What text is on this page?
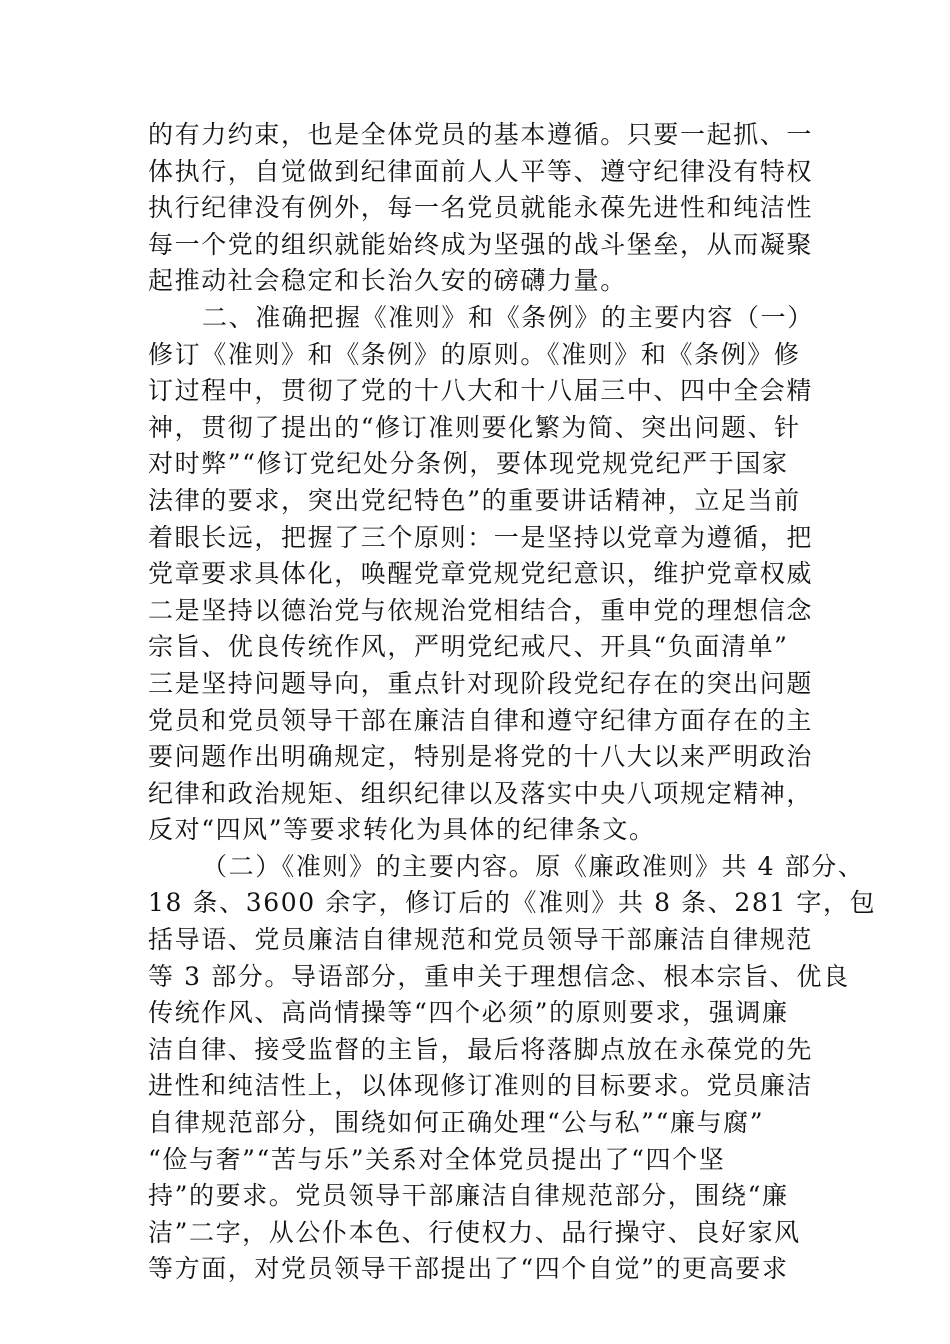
的有力约束，也是全体党员的基本遵循。只要一起抓、一
体执行，自觉做到纪律面前人人平等、遵守纪律没有特权
执行纪律没有例外，每一名党员就能永葆先进性和纯洁性
每一个党的组织就能始终成为坚强的战斗堡垒，从而凝聚
起推动社会稳定和长治久安的磅礴力量。
二、准确把握《准则》和《条例》的主要内容（一）
修订《准则》和《条例》的原则。《准则》和《条例》修
订过程中，贯彻了党的十八大和十八届三中、四中全会精
神，贯彻了提出的“修订准则要化繁为简、突出问题、针
对时弊”“修订党纪处分条例，要体现党规党纪严于国家
法律的要求，突出党纪特色”的重要讲话精神，立足当前
着眼长远，把握了三个原则：一是坚持以党章为遵循，把
党章要求具体化，唤醒党章党规党纪意识，维护党章权威
二是坚持以德治党与依规治党相结合，重申党的理想信念
宗旨、优良传统作风，严明党纪戒尺、开具“负面清单”
三是坚持问题导向，重点针对现阶段党纪存在的突出问题
党员和党员领导干部在廉洁自律和遵守纪律方面存在的主
要问题作出明确规定，特别是将党的十八大以来严明政治
纪律和政治规矩、组织纪律以及落实中央八项规定精神，
反对“四风”等要求转化为具体的纪律条文。
（二）《准则》的主要内容。原《廉政准则》共 4 部分、
18 条、3600 余字，修订后的《准则》共 8 条、281 字，包
括导语、党员廉洁自律规范和党员领导干部廉洁自律规范
等 3 部分。导语部分，重申关于理想信念、根本宗旨、优良
传统作风、高尚情操等“四个必须”的原则要求，强调廉
洁自律、接受监督的主旨，最后将落脚点放在永葆党的先
进性和纯洁性上，以体现修订准则的目标要求。党员廉洁
自律规范部分，围绕如何正确处理“公与私”“廉与腐”
“俭与奢”“苦与乐”关系对全体党员提出了“四个坚
持”的要求。党员领导干部廉洁自律规范部分，围绕“廉
洁”二字，从公仆本色、行使权力、品行操守、良好家风
等方面，对党员领导干部提出了“四个自觉”的更高要求
